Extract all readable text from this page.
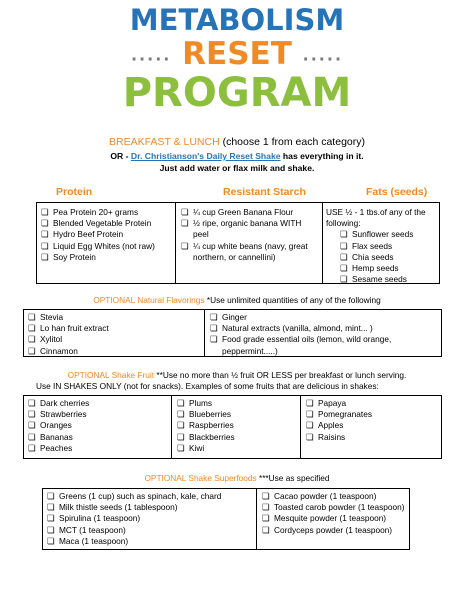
METABOLISM
..... RESET .....
PROGRAM
BREAKFAST & LUNCH (choose 1 from each category)
OR - Dr. Christianson's Daily Reset Shake has everything in it.
Just add water or flax milk and shake.
Protein	Resistant Starch	Fats (seeds)
❏ Pea Protein 20+ grams
❏ Blended Vegetable Protein
❏ Hydro Beef Protein
❏ Liquid Egg Whites (not raw)
❏ Soy Protein
❏ ¼ cup Green Banana Flour
❏ ½ ripe, organic banana WITH peel
❏ ¼ cup white beans (navy, great northern, or cannellini)
USE ½ - 1 tbs.of any of the following:
❏ Sunflower seeds
❏ Flax seeds
❏ Chia seeds
❏ Hemp seeds
❏ Sesame seeds
OPTIONAL Natural Flavorings *Use unlimited quantities of any of the following
❏ Stevia
❏ Lo han fruit extract
❏ Xylitol
❏ Cinnamon
❏ Ginger
❏ Natural extracts (vanilla, almond, mint... )
❏ Food grade essential oils (lemon, wild orange, peppermint.....)
OPTIONAL Shake Fruit **Use no more than ½ fruit OR LESS per breakfast or lunch serving.
Use IN SHAKES ONLY (not for snacks). Examples of some fruits that are delicious in shakes:
❏ Dark cherries
❏ Strawberries
❏ Oranges
❏ Bananas
❏ Peaches
❏ Plums
❏ Blueberries
❏ Raspberries
❏ Blackberries
❏ Kiwi
❏ Papaya
❏ Pomegranates
❏ Apples
❏ Raisins
OPTIONAL Shake Superfoods ***Use as specified
❏ Greens (1 cup) such as spinach, kale, chard
❏ Milk thistle seeds (1 tablespoon)
❏ Spirulina (1 teaspoon)
❏ MCT (1 teaspoon)
❏ Maca (1 teaspoon)
❏ Cacao powder (1 teaspoon)
❏ Toasted carob powder (1 teaspoon)
❏ Mesquite powder (1 teaspoon)
❏ Cordyceps powder (1 teaspoon)
